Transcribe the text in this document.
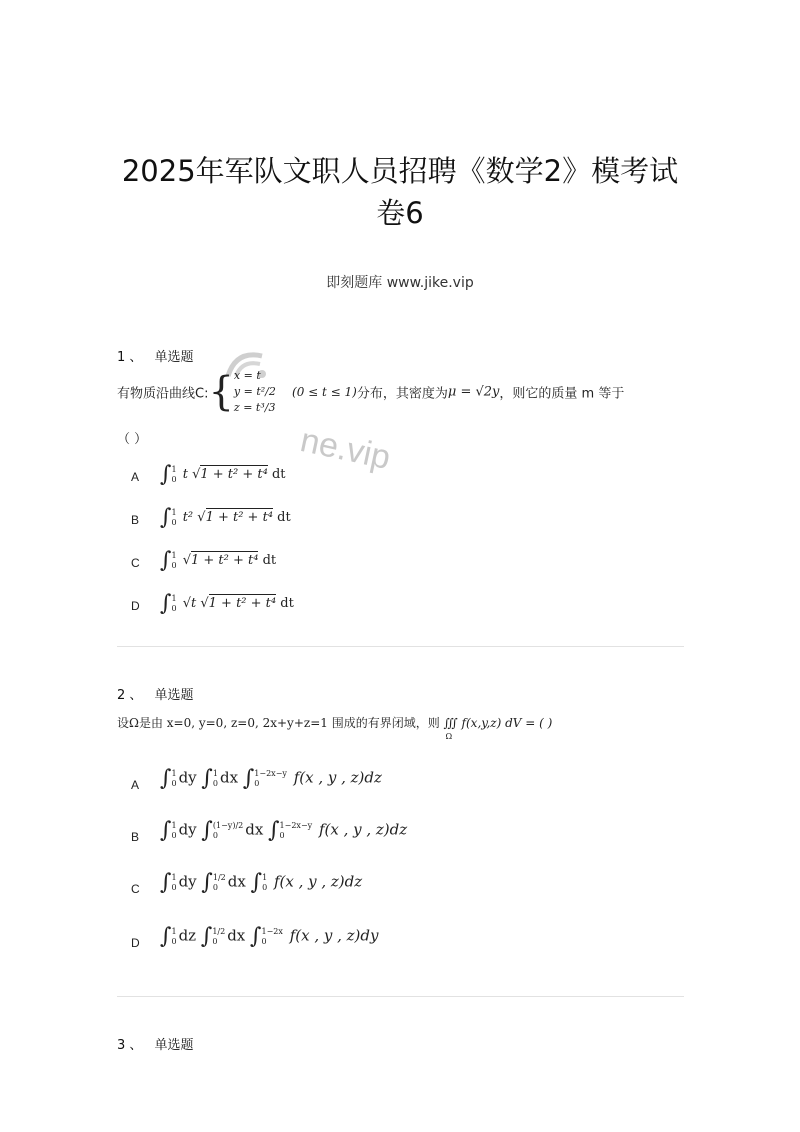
2025年军队文职人员招聘《数学2》模考试
卷6
即刻题库 www.jike.vip
ne.vip
1 、 单选题
有物质沿曲线C:{ x = t
y = t²/2
z = t³/3
(0 ≤ t ≤ 1)分布，其密度为μ = √2y，则它的质量 m 等于
（ ）
A ∫1
0 t √1 + t² + t⁴ dt
B ∫1
0 t² √1 + t² + t⁴ dt
C ∫1
0 √1 + t² + t⁴ dt
D ∫1
0 √t √1 + t² + t⁴ dt
2 、 单选题
设Ω是由 x=0, y=0, z=0, 2x+y+z=1 围成的有界闭域，则 ∭ f(x,y,z) dV = ( )
Ω
A ∫1
0 dy ∫1
0 dx ∫1−2x−y
0 f(x , y , z)dz
B ∫1
0 dy ∫(1−y)/2
0 dx ∫1−2x−y
0 f(x , y , z)dz
C ∫1
0 dy ∫1/2
0 dx ∫1
0 f(x , y , z)dz
D ∫1
0 dz ∫1/2
0 dx ∫1−2x
0 f(x , y , z)dy
3 、 单选题
